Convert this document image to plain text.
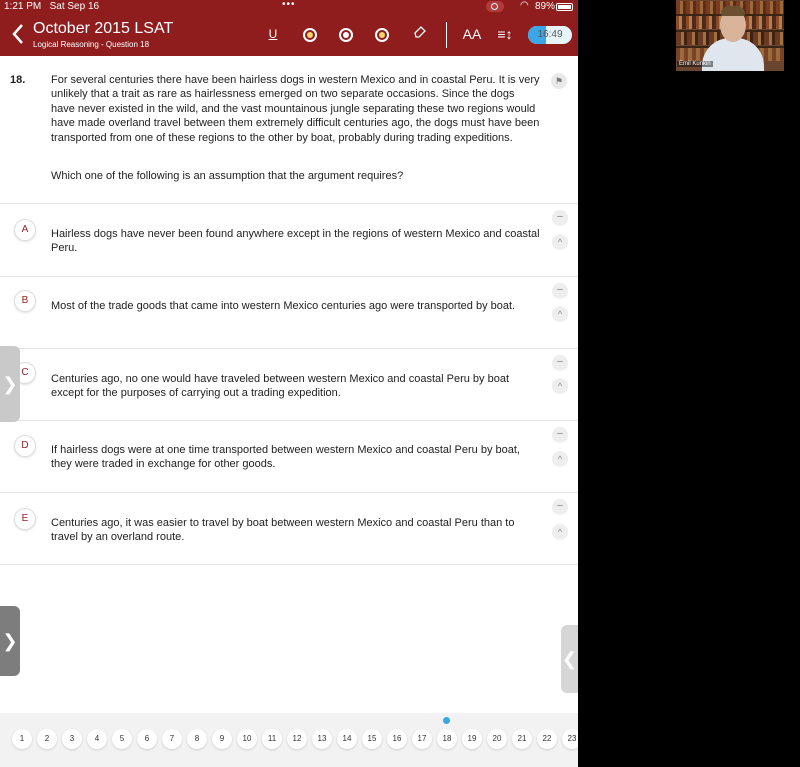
1:21 PM Sat Sep 16	•••	◠ 89%
October 2015 LSAT
Logical Reasoning - Question 18
U	AA ≡↕	16:49
18. For several centuries there have been hairless dogs in western Mexico and in coastal Peru. It is very unlikely that a trait as rare as hairlessness emerged on two separate occasions. Since the dogs have never existed in the wild, and the vast mountainous jungle separating these two regions would have made overland travel between them extremely difficult centuries ago, the dogs must have been transported from one of these regions to the other by boat, probably during trading expeditions.
Which one of the following is an assumption that the argument requires?
⚑
A	Hairless dogs have never been found anywhere except in the regions of western Mexico and coastal Peru.
−
^
B	Most of the trade goods that came into western Mexico centuries ago were transported by boat.
−
^
C
Centuries ago, no one would have traveled between western Mexico and coastal Peru by boat except for the purposes of carrying out a trading expedition.
−
^
D	If hairless dogs were at one time transported between western Mexico and coastal Peru by boat, they were traded in exchange for other goods.
−
^
E	Centuries ago, it was easier to travel by boat between western Mexico and coastal Peru than to travel by an overland route.
−
^
❯
❯
❮
1	2	3	4	5	6	7	8	9	10	11	12	13	14	15	16	17	18	19	20	21	22	23
Emil Kunkin
